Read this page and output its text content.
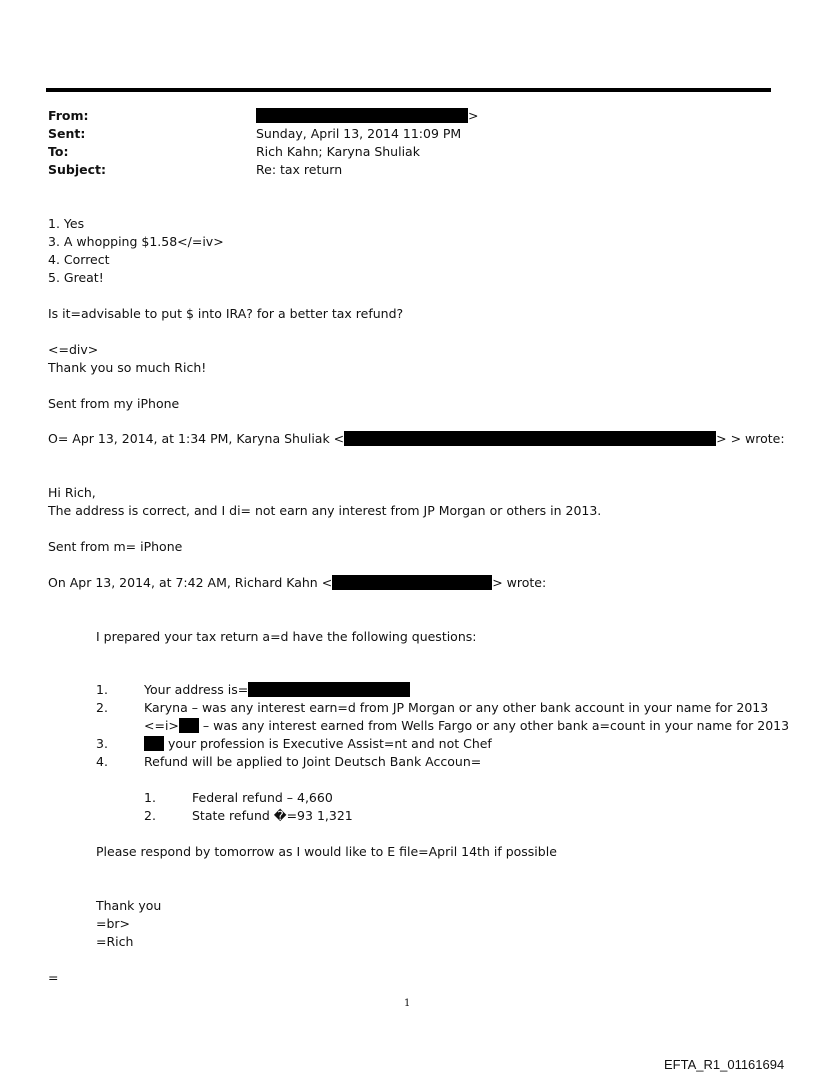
From:	>
Sent:	Sunday, April 13, 2014 11:09 PM
To:	Rich Kahn; Karyna Shuliak
Subject:	Re: tax return
1. Yes
3. A whopping $1.58</=iv>
4. Correct
5. Great!
Is it=advisable to put $ into IRA? for a better tax refund?
<=div>
Thank you so much Rich!
Sent from my iPhone
O= Apr 13, 2014, at 1:34 PM, Karyna Shuliak <	> > wrote:
Hi Rich,
The address is correct, and I di= not earn any interest from JP Morgan or others in 2013.
Sent from m= iPhone
On Apr 13, 2014, at 7:42 AM, Richard Kahn <	> wrote:
I prepared your tax return a=d have the following questions:
1.	Your address is=
2.	Karyna – was any interest earn=d from JP Morgan or any other bank account in your name for 2013
<=i> – was any interest earned from Wells Fargo or any other bank a=count in your name for 2013
3.	your profession is Executive Assist=nt and not Chef
4.	Refund will be applied to Joint Deutsch Bank Accoun=
1.	Federal refund – 4,660
2.	State refund �=93 1,321
Please respond by tomorrow as I would like to E file=April 14th if possible
Thank you
=br>
=Rich
=
1
EFTA_R1_01161694
